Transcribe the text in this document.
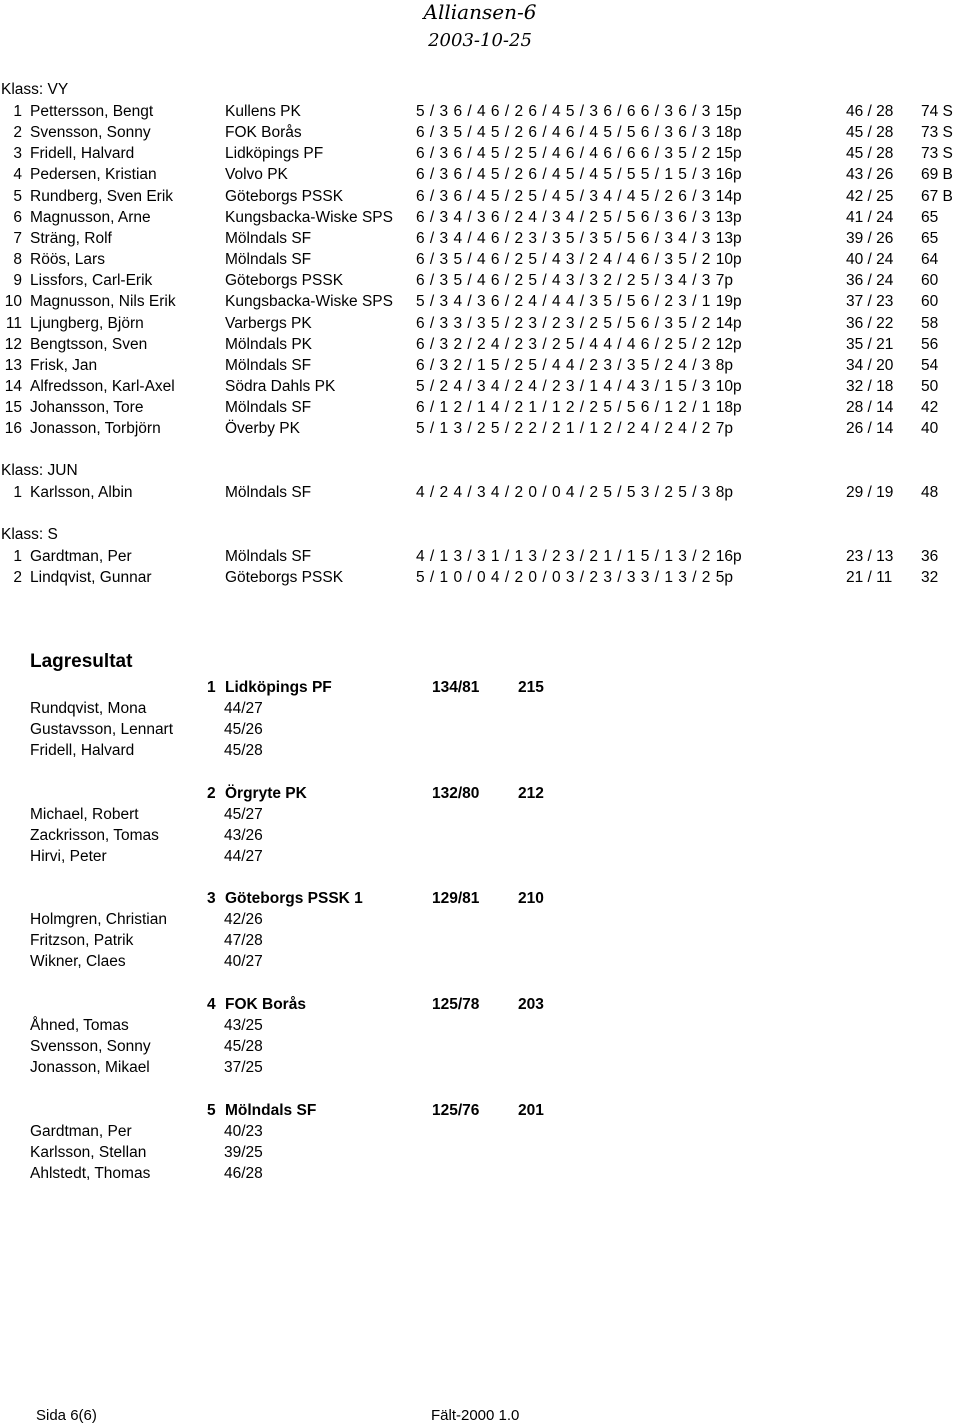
Alliansen-6
2003-10-25
Klass: VY
1 Pettersson, Bengt	Kullens PK	5 / 3 6 / 4 6 / 2 6 / 4 5 / 3 6 / 6 6 / 3 6 / 3 15p	46 / 28	74 S
2 Svensson, Sonny	FOK Borås	6 / 3 5 / 4 5 / 2 6 / 4 6 / 4 5 / 5 6 / 3 6 / 3 18p	45 / 28	73 S
3 Fridell, Halvard	Lidköpings PF	6 / 3 6 / 4 5 / 2 5 / 4 6 / 4 6 / 6 6 / 3 5 / 2 15p	45 / 28	73 S
4 Pedersen, Kristian	Volvo PK	6 / 3 6 / 4 5 / 2 6 / 4 5 / 4 5 / 5 5 / 1 5 / 3 16p	43 / 26	69 B
5 Rundberg, Sven Erik	Göteborgs PSSK	6 / 3 6 / 4 5 / 2 5 / 4 5 / 3 4 / 4 5 / 2 6 / 3 14p	42 / 25	67 B
6 Magnusson, Arne	Kungsbacka-Wiske SPS 6 / 3 4 / 3 6 / 2 4 / 3 4 / 2 5 / 5 6 / 3 6 / 3 13p	41 / 24	65
7 Sträng, Rolf	Mölndals SF	6 / 3 4 / 4 6 / 2 3 / 3 5 / 3 5 / 5 6 / 3 4 / 3 13p	39 / 26	65
8 Röös, Lars	Mölndals SF	6 / 3 5 / 4 6 / 2 5 / 4 3 / 2 4 / 4 6 / 3 5 / 2 10p	40 / 24	64
9 Lissfors, Carl-Erik	Göteborgs PSSK	6 / 3 5 / 4 6 / 2 5 / 4 3 / 3 2 / 2 5 / 3 4 / 3 7p	36 / 24	60
10 Magnusson, Nils Erik	Kungsbacka-Wiske SPS 5 / 3 4 / 3 6 / 2 4 / 4 4 / 3 5 / 5 6 / 2 3 / 1 19p	37 / 23	60
11 Ljungberg, Björn	Varbergs PK	6 / 3 3 / 3 5 / 2 3 / 2 3 / 2 5 / 5 6 / 3 5 / 2 14p	36 / 22	58
12 Bengtsson, Sven	Mölndals PK	6 / 3 2 / 2 4 / 2 3 / 2 5 / 4 4 / 4 6 / 2 5 / 2 12p	35 / 21	56
13 Frisk, Jan	Mölndals SF	6 / 3 2 / 1 5 / 2 5 / 4 4 / 2 3 / 3 5 / 2 4 / 3 8p	34 / 20	54
14 Alfredsson, Karl-Axel	Södra Dahls PK	5 / 2 4 / 3 4 / 2 4 / 2 3 / 1 4 / 4 3 / 1 5 / 3 10p	32 / 18	50
15 Johansson, Tore	Mölndals SF	6 / 1 2 / 1 4 / 2 1 / 1 2 / 2 5 / 5 6 / 1 2 / 1 18p	28 / 14	42
16 Jonasson, Torbjörn	Överby PK	5 / 1 3 / 2 5 / 2 2 / 2 1 / 1 2 / 2 4 / 2 4 / 2 7p	26 / 14	40
Klass: JUN
1 Karlsson, Albin	Mölndals SF	4 / 2 4 / 3 4 / 2 0 / 0 4 / 2 5 / 5 3 / 2 5 / 3 8p	29 / 19	48
Klass: S
1 Gardtman, Per	Mölndals SF	4 / 1 3 / 3 1 / 1 3 / 2 3 / 2 1 / 1 5 / 1 3 / 2 16p	23 / 13	36
2 Lindqvist, Gunnar	Göteborgs PSSK	5 / 1 0 / 0 4 / 2 0 / 0 3 / 2 3 / 3 3 / 1 3 / 2 5p	21 / 11	32
Lagresultat
1 Lidköpings PF	134/81 215
Rundqvist, Mona	44/27
Gustavsson, Lennart	45/26
Fridell, Halvard	45/28
2 Örgryte PK	132/80 212
Michael, Robert	45/27
Zackrisson, Tomas	43/26
Hirvi, Peter	44/27
3 Göteborgs PSSK 1	129/81 210
Holmgren, Christian	42/26
Fritzson, Patrik	47/28
Wikner, Claes	40/27
4 FOK Borås	125/78 203
Åhned, Tomas	43/25
Svensson, Sonny	45/28
Jonasson, Mikael	37/25
5 Mölndals SF	125/76 201
Gardtman, Per	40/23
Karlsson, Stellan	39/25
Ahlstedt, Thomas	46/28
Sida 6(6)	Fält-2000 1.0
